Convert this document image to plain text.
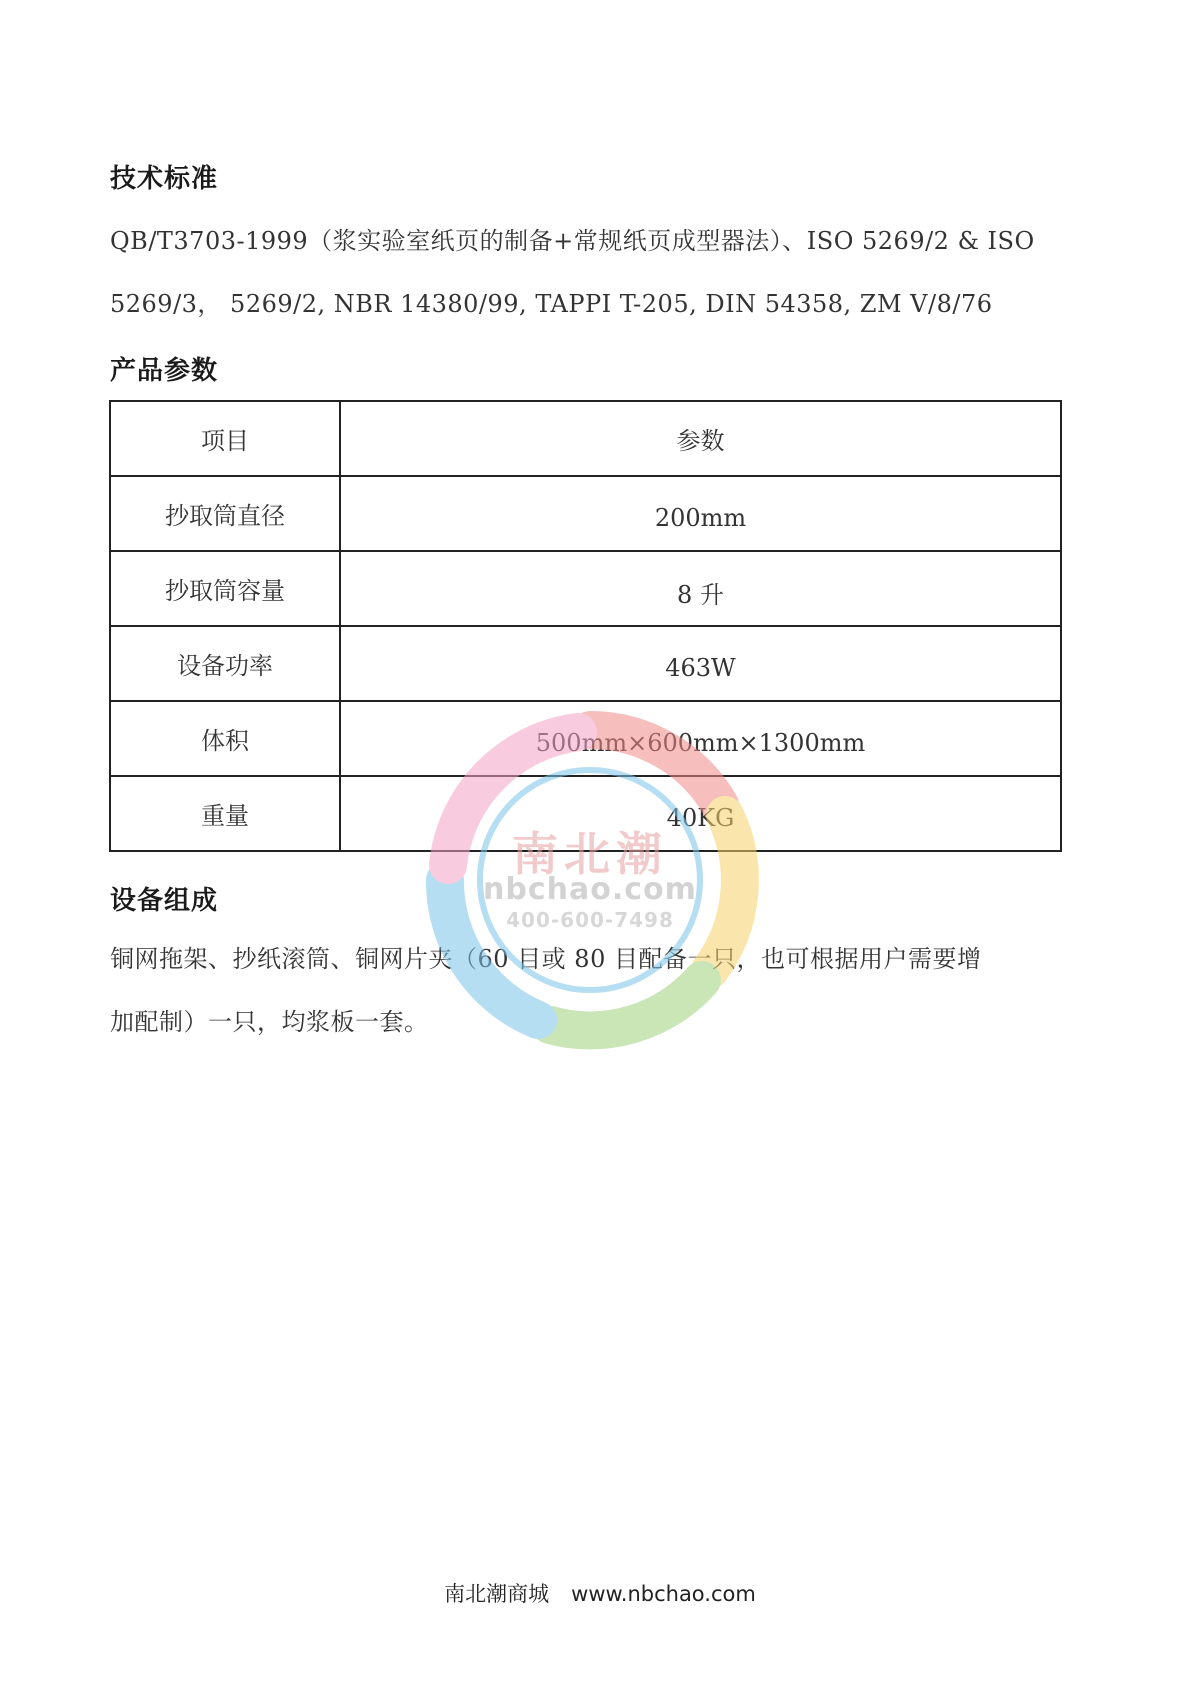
技术标准

QB/T3703-1999（浆实验室纸页的制备+常规纸页成型器法）、ISO 5269/2 & ISO

5269/3， 5269/2, NBR 14380/99, TAPPI T-205, DIN 54358, ZM V/8/76

产品参数
项目	参数
抄取筒直径	200mm
抄取筒容量	8 升
设备功率	463W
体积	500mm×600mm×1300mm
重量	40KG
设备组成

铜网拖架、抄纸滚筒、铜网片夹（60 目或 80 目配备一只，也可根据用户需要增

加配制）一只，均浆板一套。

南北潮
nbchao.com
400-600-7498
南北潮商城 www.nbchao.com
